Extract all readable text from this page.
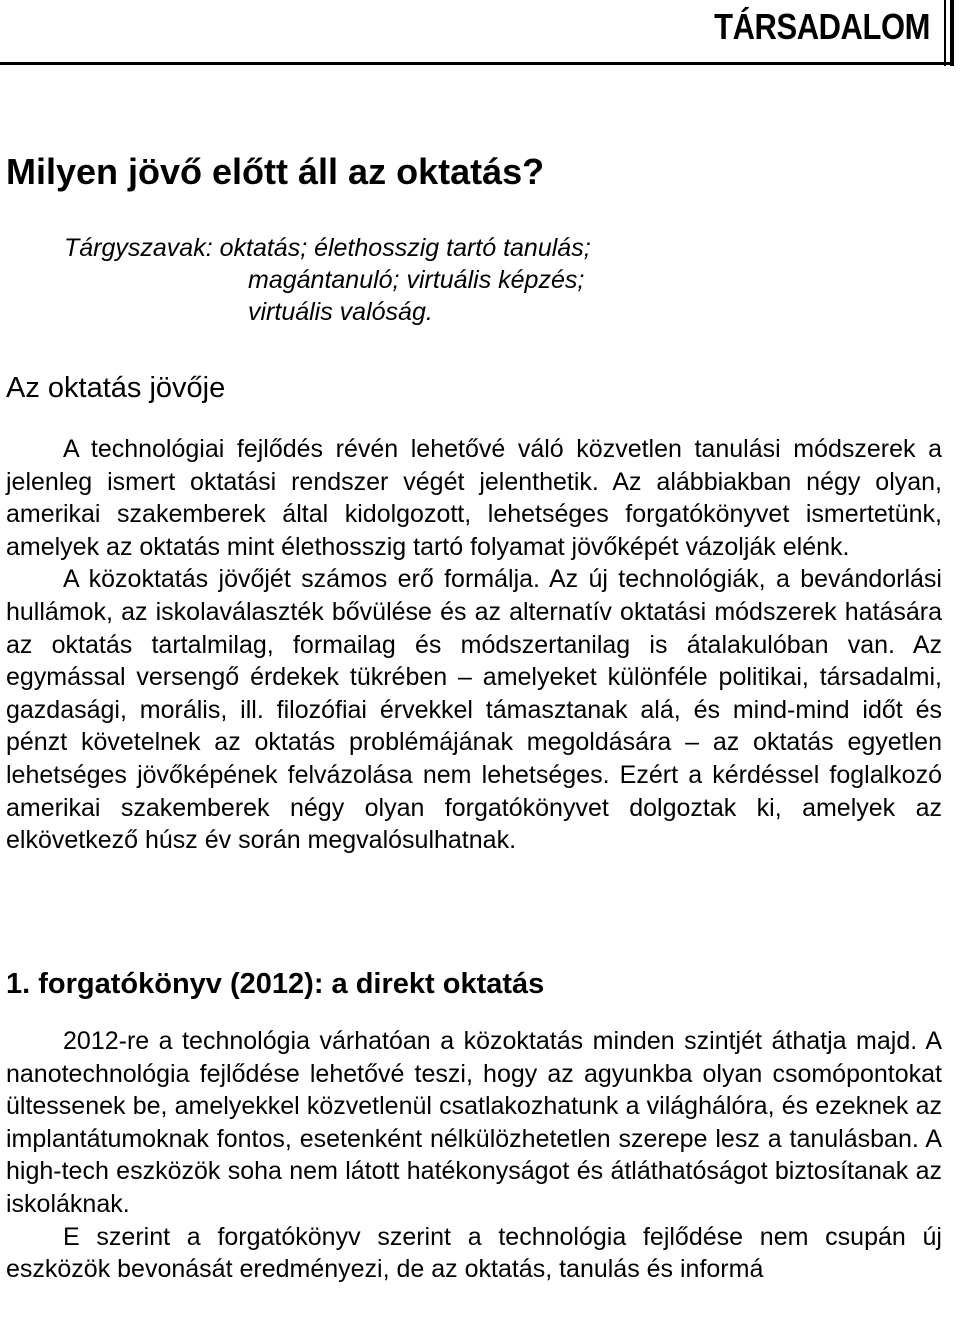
TÁRSADALOM
Milyen jövő előtt áll az oktatás?
Tárgyszavak: oktatás; élethosszig tartó tanulás;
magántanuló; virtuális képzés;
virtuális valóság.
Az oktatás jövője

A technológiai fejlődés révén lehetővé váló közvetlen tanulási módszerek a jelenleg ismert oktatási rendszer végét jelenthetik. Az alábbiakban négy olyan, amerikai szakemberek által kidolgozott, lehetséges forgatókönyvet ismertetünk, amelyek az oktatás mint élethosszig tartó folyamat jövőképét vázolják elénk.

A közoktatás jövőjét számos erő formálja. Az új technológiák, a bevándorlási hullámok, az iskolaválaszték bővülése és az alternatív oktatási módszerek hatására az oktatás tartalmilag, formailag és módszertanilag is átalakulóban van. Az egymással versengő érdekek tükrében – amelyeket különféle politikai, társadalmi, gazdasági, morális, ill. filozófiai érvekkel támasztanak alá, és mind-mind időt és pénzt követelnek az oktatás problémájának megoldására – az oktatás egyetlen lehetséges jövőképének felvázolása nem lehetséges. Ezért a kérdéssel foglalkozó amerikai szakemberek négy olyan forgatókönyvet dolgoztak ki, amelyek az elkövetkező húsz év során megvalósulhatnak.

1. forgatókönyv (2012): a direkt oktatás

2012-re a technológia várhatóan a közoktatás minden szintjét áthatja majd. A nanotechnológia fejlődése lehetővé teszi, hogy az agyunkba olyan csomópontokat ültessenek be, amelyekkel közvetlenül csatlakozhatunk a világhálóra, és ezeknek az implantátumoknak fontos, esetenként nélkülözhetetlen szerepe lesz a tanulásban. A high-tech eszközök soha nem látott hatékonyságot és átláthatóságot biztosítanak az iskoláknak.

E szerint a forgatókönyv szerint a technológia fejlődése nem csupán új eszközök bevonását eredményezi, de az oktatás, tanulás és informá
